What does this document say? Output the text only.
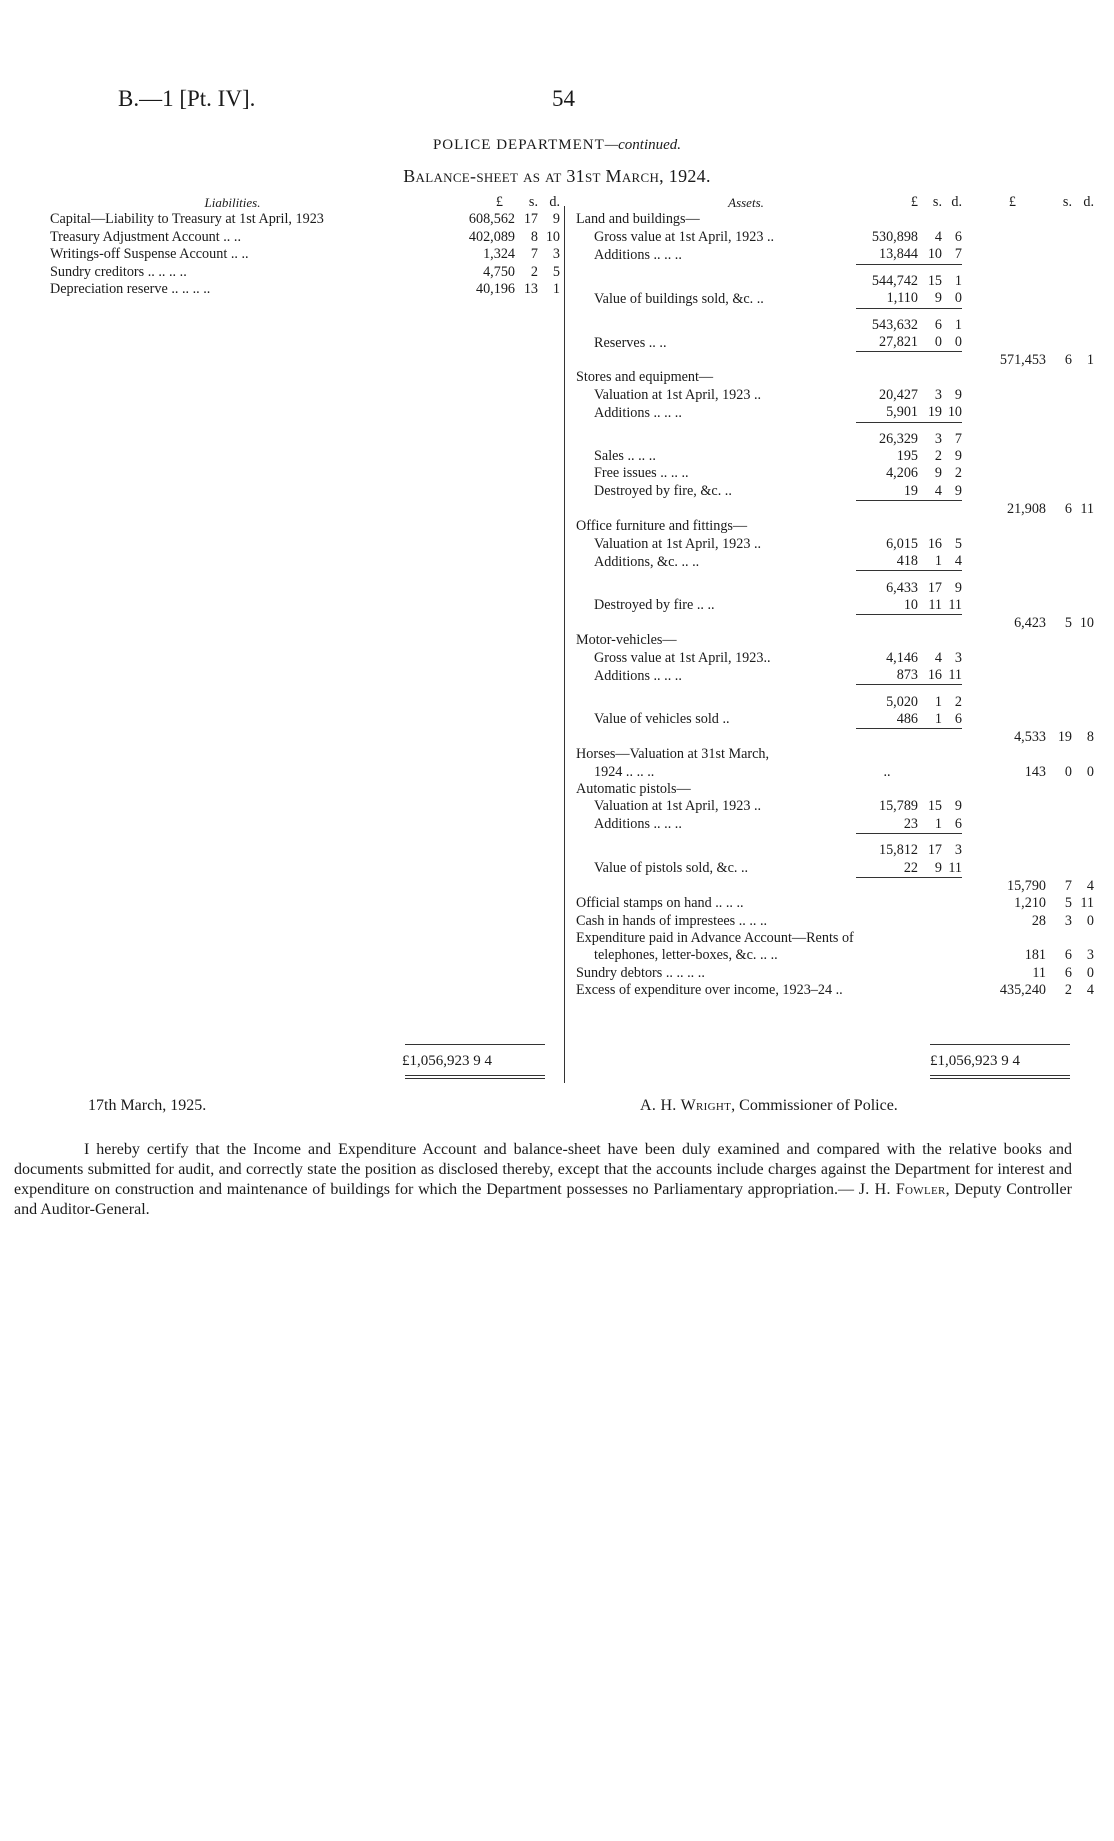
B.—1 [Pt. IV].	54
POLICE DEPARTMENT—continued.
Balance-sheet as at 31st March, 1924.
Liabilities.	£	s.	d.
Capital—Liability to Treasury at 1st April, 1923	608,562	17	9
Treasury Adjustment Account .. ..	402,089	8	10
Writings-off Suspense Account .. ..	1,324	7	3
Sundry creditors .. .. .. ..	4,750	2	5
Depreciation reserve .. .. .. ..	40,196	13	1
Assets.	£	s.	d.	£	s.	d.
Land and buildings—						
Gross value at 1st April, 1923 ..	530,898	4	6			
Additions .. .. ..	13,844	10	7			
	544,742	15	1			
Value of buildings sold, &c. ..	1,110	9	0			
	543,632	6	1			
Reserves .. ..	27,821	0	0			
				571,453	6	1
Stores and equipment—						
Valuation at 1st April, 1923 ..	20,427	3	9			
Additions .. .. ..	5,901	19	10			
	26,329	3	7			
Sales .. .. ..	195	2	9			
Free issues .. .. ..	4,206	9	2			
Destroyed by fire, &c. ..	19	4	9			
				21,908	6	11
Office furniture and fittings—						
Valuation at 1st April, 1923 ..	6,015	16	5			
Additions, &c. .. ..	418	1	4			
	6,433	17	9			
Destroyed by fire .. ..	10	11	11			
				6,423	5	10
Motor-vehicles—						
Gross value at 1st April, 1923..	4,146	4	3			
Additions .. .. ..	873	16	11			
	5,020	1	2			
Value of vehicles sold ..	486	1	6			
				4,533	19	8
Horses—Valuation at 31st March,						
1924 .. .. ..	..			143	0	0
Automatic pistols—						
Valuation at 1st April, 1923 ..	15,789	15	9			
Additions .. .. ..	23	1	6			
	15,812	17	3			
Value of pistols sold, &c. ..	22	9	11			
				15,790	7	4
Official stamps on hand .. .. ..				1,210	5	11
Cash in hands of imprestees .. .. ..				28	3	0
Expenditure paid in Advance Account—Rents of						
telephones, letter-boxes, &c. .. ..				181	6	3
Sundry debtors .. .. .. ..				11	6	0
Excess of expenditure over income, 1923–24 ..				435,240	2	4
£1,056,923 9 4	£1,056,923 9 4
17th March, 1925.	A. H. Wright, Commissioner of Police.
I hereby certify that the Income and Expenditure Account and balance-sheet have been duly examined and compared with the relative books and documents submitted for audit, and correctly state the position as disclosed thereby, except that the accounts include charges against the Department for interest and expenditure on construction and maintenance of buildings for which the Department possesses no Parliamentary appropriation.— J. H. Fowler, Deputy Controller and Auditor-General.
